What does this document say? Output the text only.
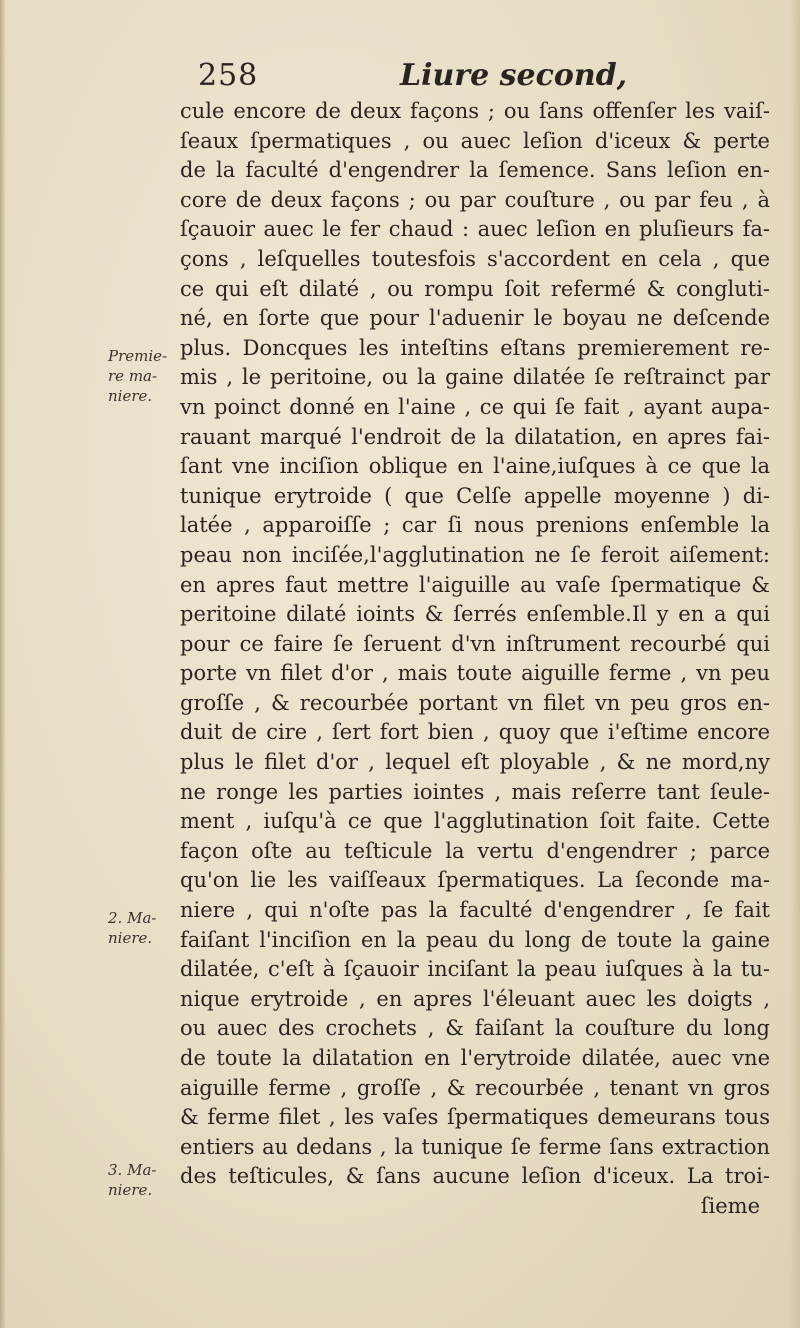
258	Liure second,
cule encore de deux façons ; ou ſans offenſer les vaiſ-
ſeaux ſpermatiques , ou auec leſion d'iceux & perte
de la faculté d'engendrer la ſemence. Sans leſion en-
core de deux façons ; ou par couſture , ou par feu , à
ſçauoir auec le fer chaud : auec leſion en pluſieurs fa-
çons , leſquelles toutesfois s'accordent en cela , que
ce qui eſt dilaté , ou rompu ſoit refermé & congluti-
né, en ſorte que pour l'aduenir le boyau ne deſcende
plus. Doncques les inteſtins eſtans premierement re-
mis , le peritoine, ou la gaine dilatée ſe reſtrainct par
vn poinct donné en l'aine , ce qui ſe fait , ayant aupa-
rauant marqué l'endroit de la dilatation, en apres fai-
ſant vne inciſion oblique en l'aine,iuſques à ce que la
tunique erytroide ( que Celſe appelle moyenne ) di-
latée , apparoiſſe ; car ſi nous prenions enſemble la
peau non inciſée,l'agglutination ne ſe feroit aiſement:
en apres faut mettre l'aiguille au vaſe ſpermatique &
peritoine dilaté ioints & ſerrés enſemble.Il y en a qui
pour ce faire ſe ſeruent d'vn inſtrument recourbé qui
porte vn filet d'or , mais toute aiguille ferme , vn peu
groſſe , & recourbée portant vn filet vn peu gros en-
duit de cire , ſert fort bien , quoy que i'eſtime encore
plus le filet d'or , lequel eſt ployable , & ne mord,ny
ne ronge les parties iointes , mais reſerre tant ſeule-
ment , iuſqu'à ce que l'agglutination ſoit faite. Cette
façon oſte au teſticule la vertu d'engendrer ; parce
qu'on lie les vaiſſeaux ſpermatiques. La ſeconde ma-
niere , qui n'oſte pas la faculté d'engendrer , ſe fait
faiſant l'inciſion en la peau du long de toute la gaine
dilatée, c'eſt à ſçauoir inciſant la peau iuſques à la tu-
nique erytroide , en apres l'éleuant auec les doigts ,
ou auec des crochets , & faiſant la couſture du long
de toute la dilatation en l'erytroide dilatée, auec vne
aiguille ferme , groſſe , & recourbée , tenant vn gros
& ferme filet , les vaſes ſpermatiques demeurans tous
entiers au dedans , la tunique ſe ferme ſans extraction
des teſticules, & ſans aucune leſion d'iceux. La troi-
ſieme
Premie-
re ma-
niere.
2. Ma-
niere.
3. Ma-
niere.
